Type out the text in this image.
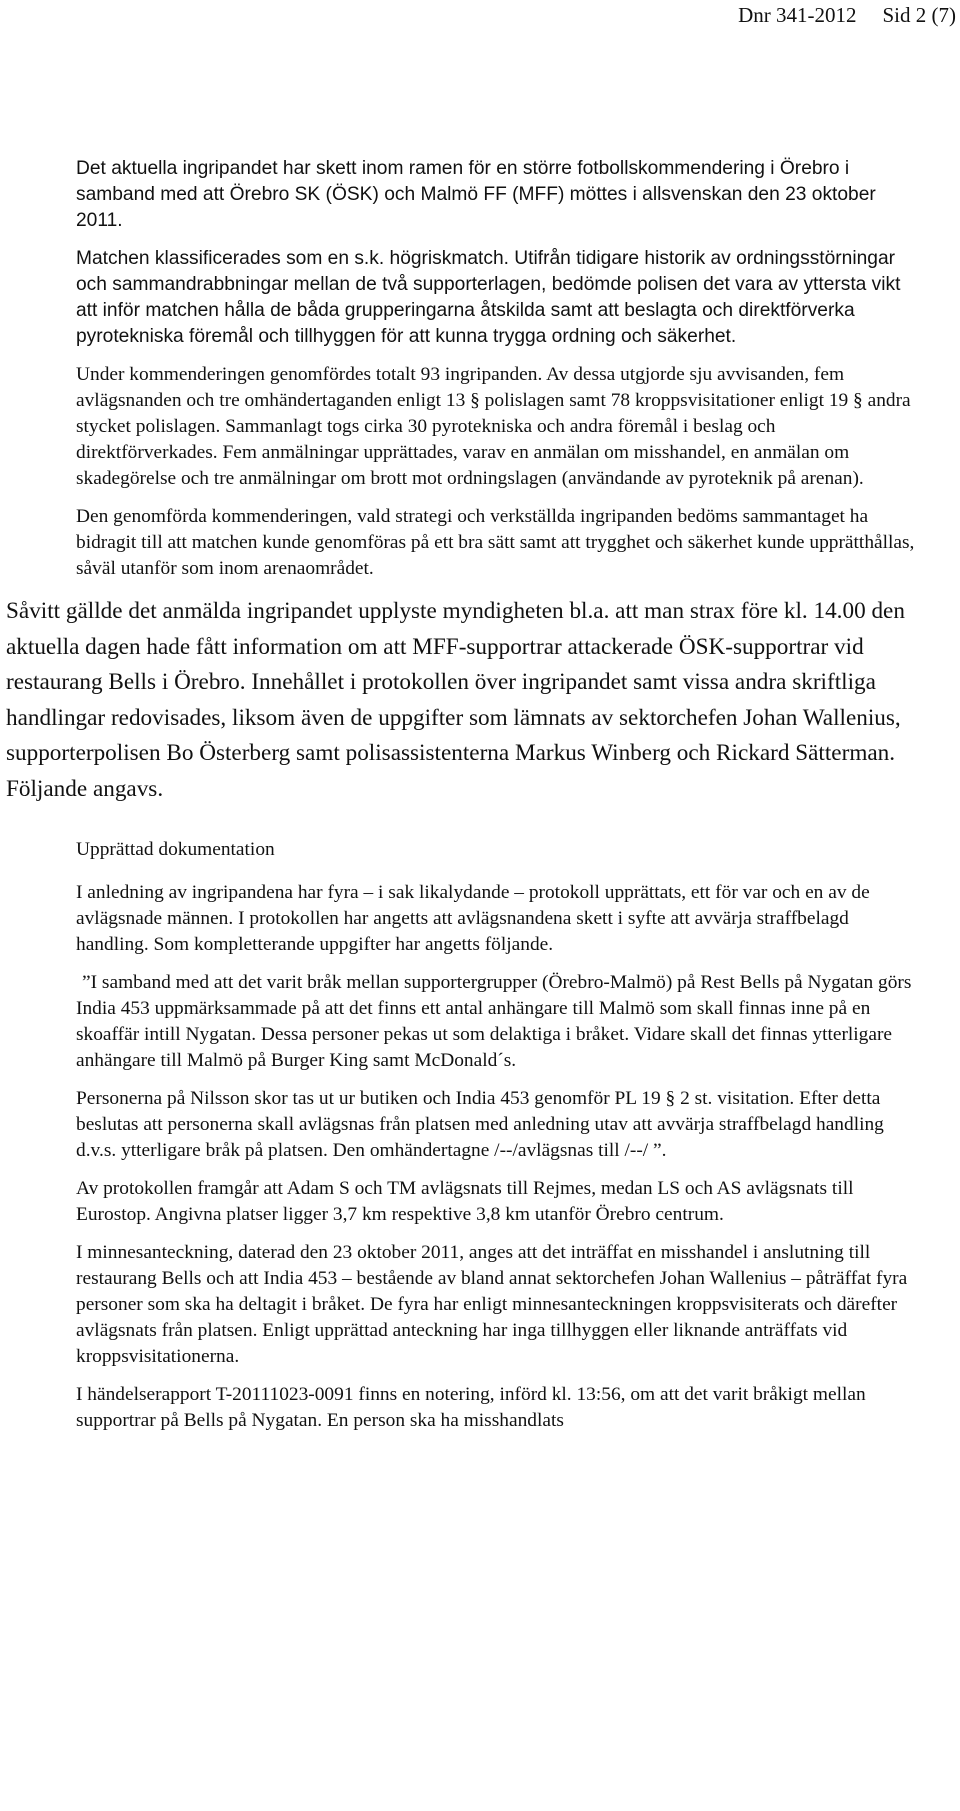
Dnr 341-2012 Sid 2 (7)

Det aktuella ingripandet har skett inom ramen för en större fotbollskommendering i Örebro i samband med att Örebro SK (ÖSK) och Malmö FF (MFF) möttes i allsvenskan den 23 oktober 2011.

Matchen klassificerades som en s.k. högriskmatch. Utifrån tidigare historik av ordningsstörningar och sammandrabbningar mellan de två supporterlagen, bedömde polisen det vara av yttersta vikt att inför matchen hålla de båda grupperingarna åtskilda samt att beslagta och direktförverka pyrotekniska föremål och tillhyggen för att kunna trygga ordning och säkerhet.

Under kommenderingen genomfördes totalt 93 ingripanden. Av dessa utgjorde sju avvisanden, fem avlägsnanden och tre omhändertaganden enligt 13 § polislagen samt 78 kroppsvisitationer enligt 19 § andra stycket polislagen. Sammanlagt togs cirka 30 pyrotekniska och andra föremål i beslag och direktförverkades. Fem anmälningar upprättades, varav en anmälan om misshandel, en anmälan om skadegörelse och tre anmälningar om brott mot ordningslagen (användande av pyroteknik på arenan).

Den genomförda kommenderingen, vald strategi och verkställda ingripanden bedöms sammantaget ha bidragit till att matchen kunde genomföras på ett bra sätt samt att trygghet och säkerhet kunde upprätthållas, såväl utanför som inom arenaområdet.

Såvitt gällde det anmälda ingripandet upplyste myndigheten bl.a. att man strax före kl. 14.00 den aktuella dagen hade fått information om att MFF-supportrar attackerade ÖSK-supportrar vid restaurang Bells i Örebro. Innehållet i protokollen över ingripandet samt vissa andra skriftliga handlingar redovisades, liksom även de uppgifter som lämnats av sektorchefen Johan Wallenius, supporterpolisen Bo Österberg samt polisassistenterna Markus Winberg och Rickard Sätterman. Följande angavs.

Upprättad dokumentation

I anledning av ingripandena har fyra – i sak likalydande – protokoll upprättats, ett för var och en av de avlägsnade männen. I protokollen har angetts att avlägsnandena skett i syfte att avvärja straffbelagd handling. Som kompletterande uppgifter har angetts följande.

”I samband med att det varit bråk mellan supportergrupper (Örebro-Malmö) på Rest Bells på Nygatan görs India 453 uppmärksammade på att det finns ett antal anhängare till Malmö som skall finnas inne på en skoaffär intill Nygatan. Dessa personer pekas ut som delaktiga i bråket. Vidare skall det finnas ytterligare anhängare till Malmö på Burger King samt McDonald´s.

Personerna på Nilsson skor tas ut ur butiken och India 453 genomför PL 19 § 2 st. visitation. Efter detta beslutas att personerna skall avlägsnas från platsen med anledning utav att avvärja straffbelagd handling d.v.s. ytterligare bråk på platsen. Den omhändertagne /--/avlägsnas till /--/ ”.

Av protokollen framgår att Adam S och TM avlägsnats till Rejmes, medan LS och AS avlägsnats till Eurostop. Angivna platser ligger 3,7 km respektive 3,8 km utanför Örebro centrum.

I minnesanteckning, daterad den 23 oktober 2011, anges att det inträffat en misshandel i anslutning till restaurang Bells och att India 453 – bestående av bland annat sektorchefen Johan Wallenius – påträffat fyra personer som ska ha deltagit i bråket. De fyra har enligt minnesanteckningen kroppsvisiterats och därefter avlägsnats från platsen. Enligt upprättad anteckning har inga tillhyggen eller liknande anträffats vid kroppsvisitationerna.

I händelserapport T-20111023-0091 finns en notering, införd kl. 13:56, om att det varit bråkigt mellan supportrar på Bells på Nygatan. En person ska ha misshandlats
